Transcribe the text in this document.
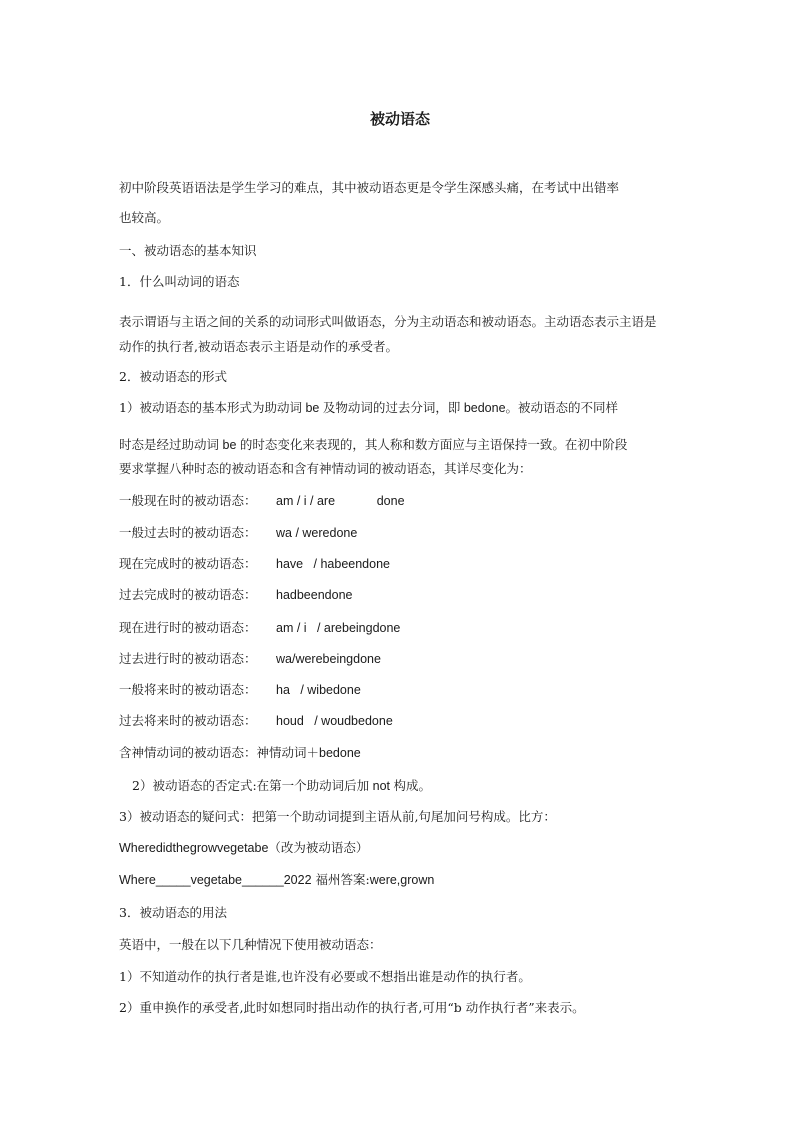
被动语态

初中阶段英语语法是学生学习的难点，其中被动语态更是令学生深感头痛，在考试中出错率

也较高。

一、被动语态的基本知识

1．什么叫动词的语态

表示谓语与主语之间的关系的动词形式叫做语态，分为主动语态和被动语态。主动语态表示主语是

动作的执行者,被动语态表示主语是动作的承受者。

2．被动语态的形式

1）被动语态的基本形式为助动词 be 及物动词的过去分词，即 bedone。被动语态的不同样

时态是经过助动词 be 的时态变化来表现的，其人称和数方面应与主语保持一致。在初中阶段

要求掌握八种时态的被动语态和含有神情动词的被动语态，其详尽变化为：

一般现在时的被动语态： am / i / are            done
一般过去时的被动语态： wa / weredone
现在完成时的被动语态： have   / habeendone
过去完成时的被动语态： hadbeendone
现在进行时的被动语态： am / i   / arebeingdone
过去进行时的被动语态： wa/werebeingdone
一般将来时的被动语态： ha   / wibedone
过去将来时的被动语态： houd   / woudbedone

含神情动词的被动语态：神情动词＋bedone

2）被动语态的否定式:在第一个助动词后加 not 构成。

3）被动语态的疑问式：把第一个助动词提到主语从前,句尾加问号构成。比方：

Wheredidthegrowvegetabe（改为被动语态）

Where_____vegetabe______2022 福州答案:were,grown

3．被动语态的用法

英语中，一般在以下几种情况下使用被动语态：

1）不知道动作的执行者是谁,也许没有必要或不想指出谁是动作的执行者。

2）重申换作的承受者,此时如想同时指出动作的执行者,可用“b 动作执行者”来表示。
